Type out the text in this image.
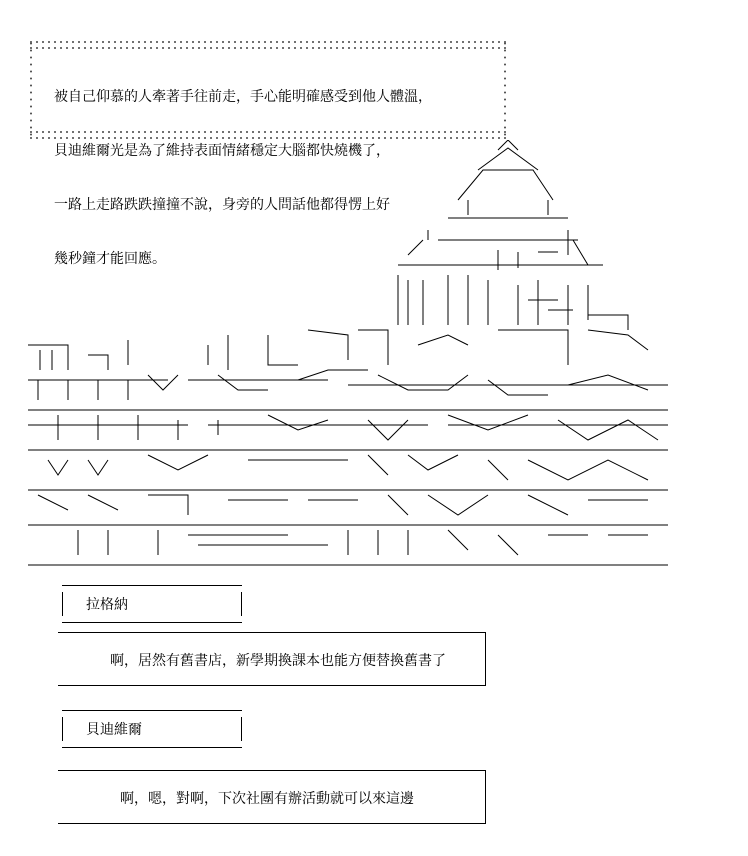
被自己仰慕的人牽著手往前走，手心能明確感受到他人體溫，

貝迪維爾光是為了維持表面情緒穩定大腦都快燒機了，

一路上走路跌跌撞撞不說，身旁的人問話他都得愣上好

幾秒鐘才能回應。

拉格納
啊，居然有舊書店，新學期換課本也能方便替換舊書了
貝迪維爾
啊，嗯，對啊，下次社團有辦活動就可以來這邊
